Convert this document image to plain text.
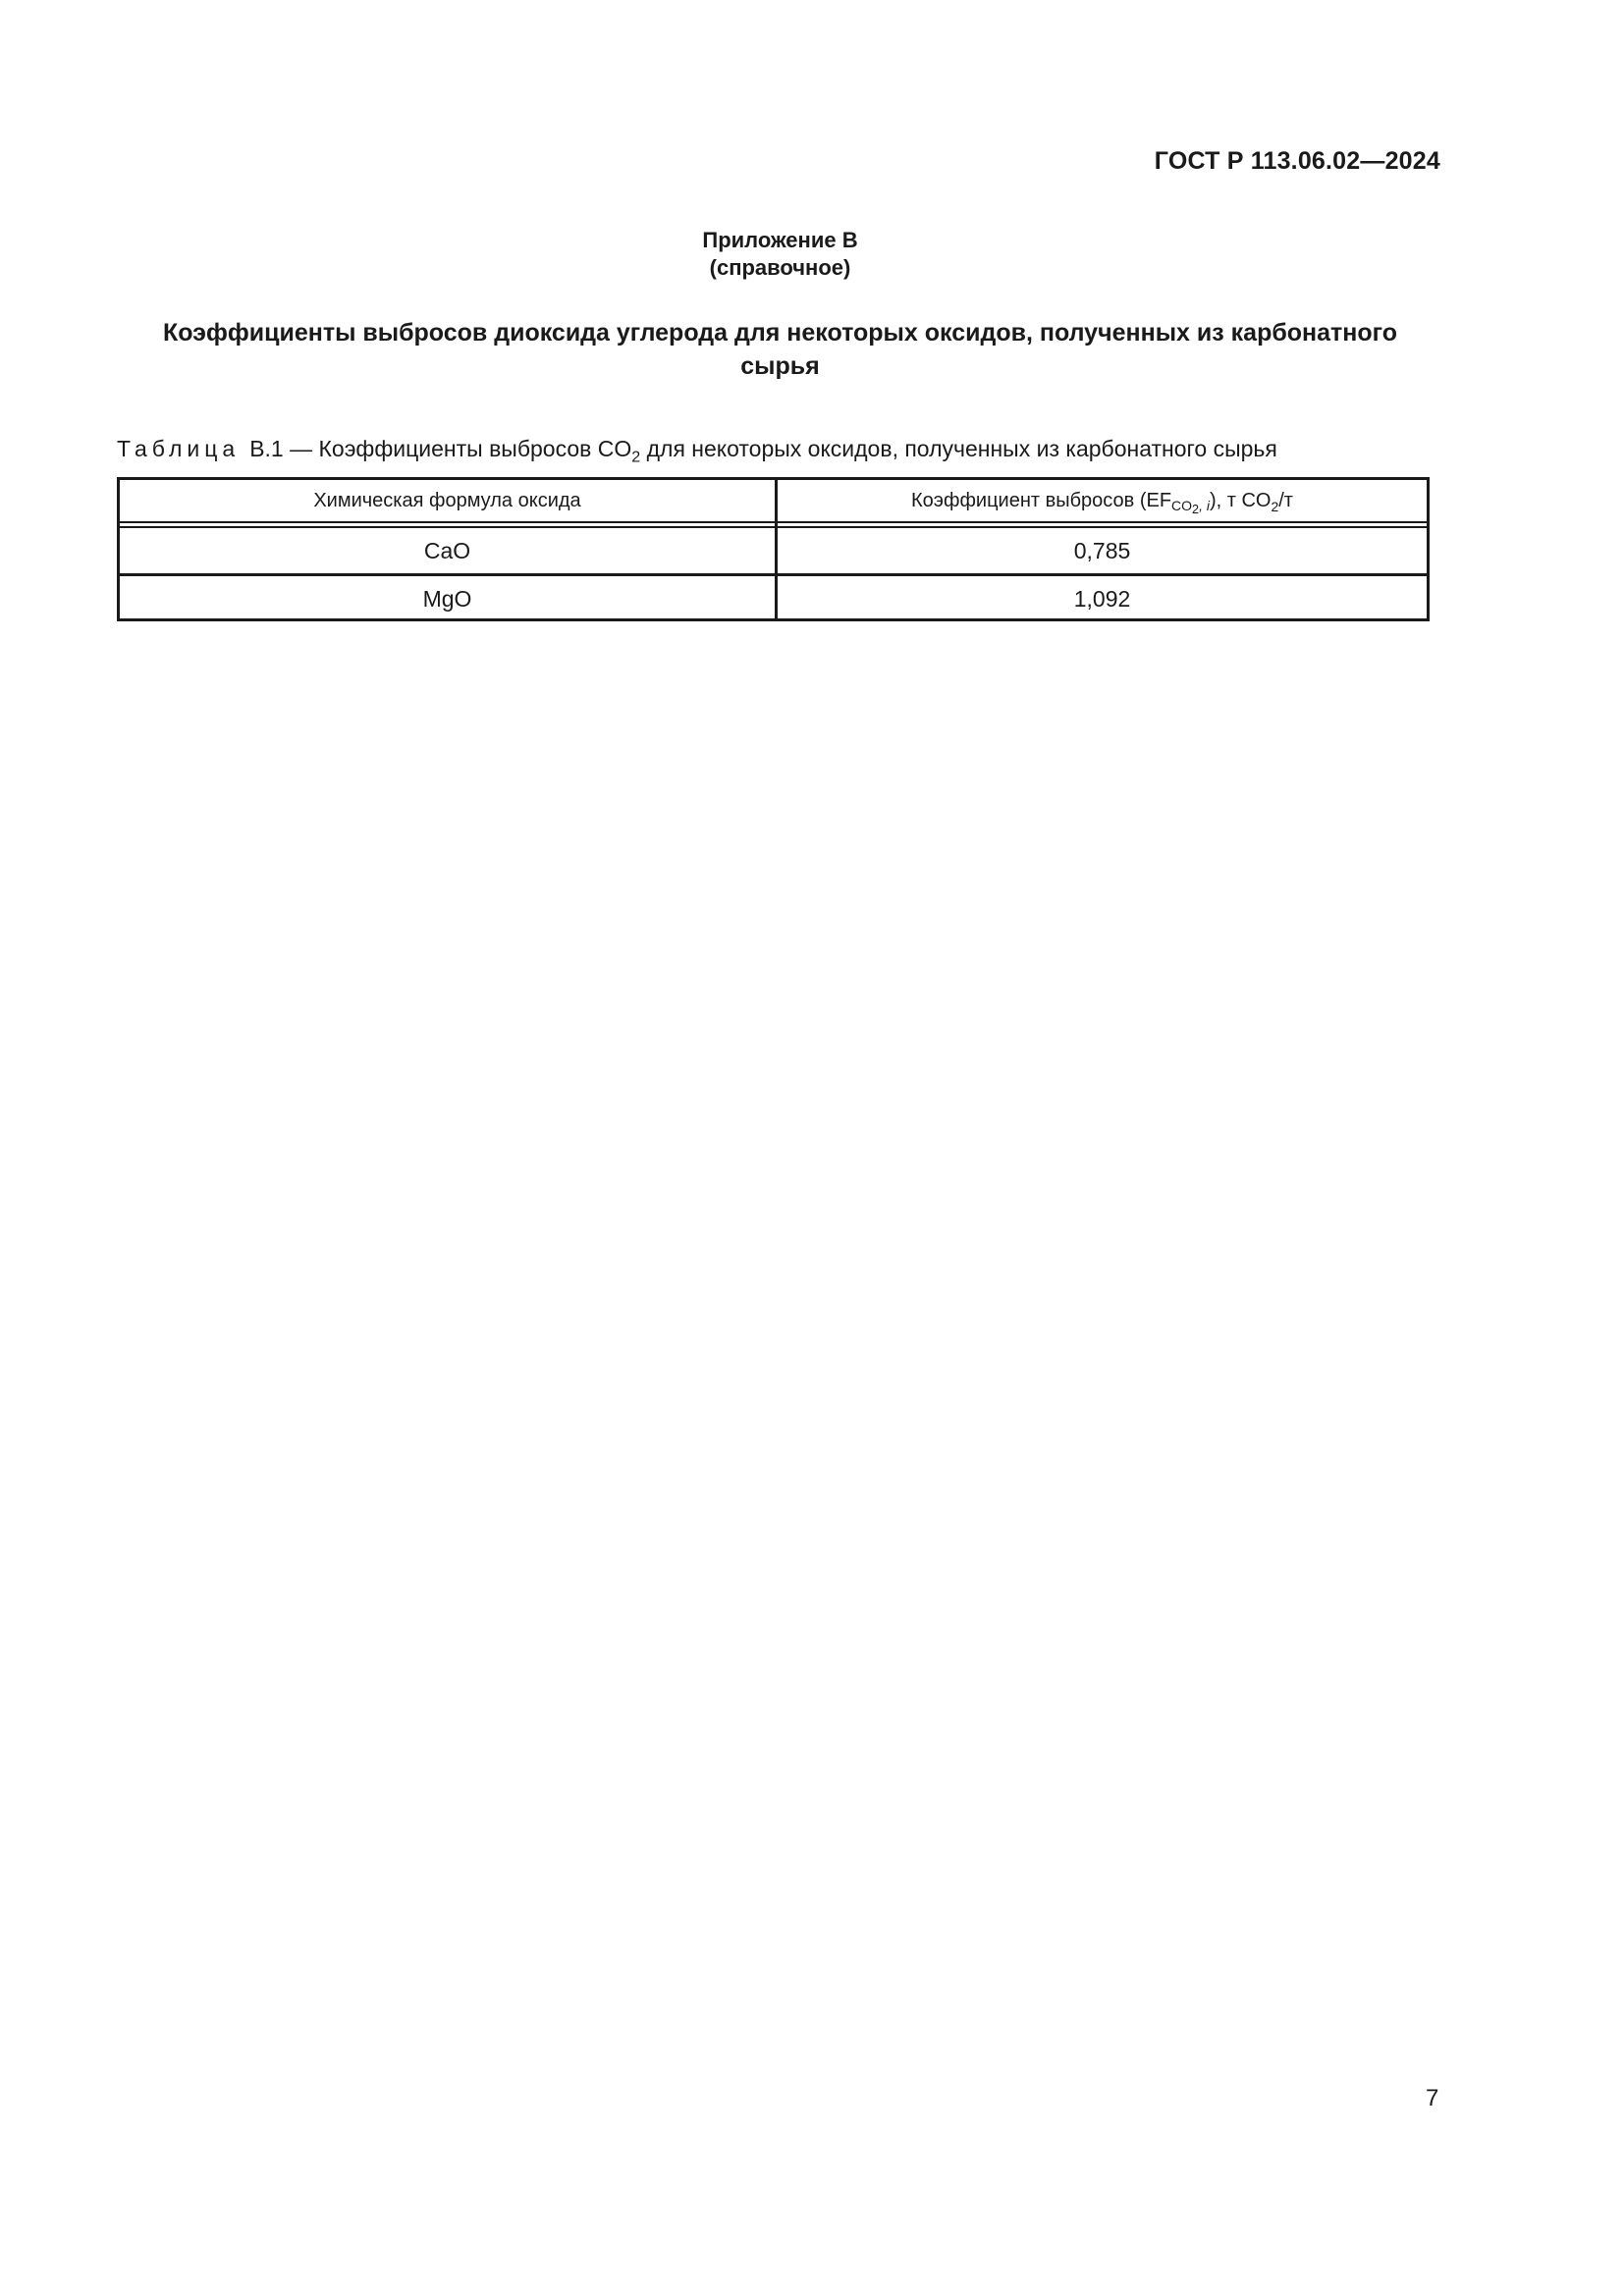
ГОСТ Р 113.06.02—2024
Приложение В
(справочное)
Коэффициенты выбросов диоксида углерода для некоторых оксидов, полученных из карбонатного сырья
Таблица В.1 — Коэффициенты выбросов $CO_2$ для некоторых оксидов, полученных из карбонатного сырья
Химическая формула оксида	Коэффициент выбросов $(EF_{CO_2, i})$, т $CO_2/т$
CaO	0,785
MgO	1,092
7
